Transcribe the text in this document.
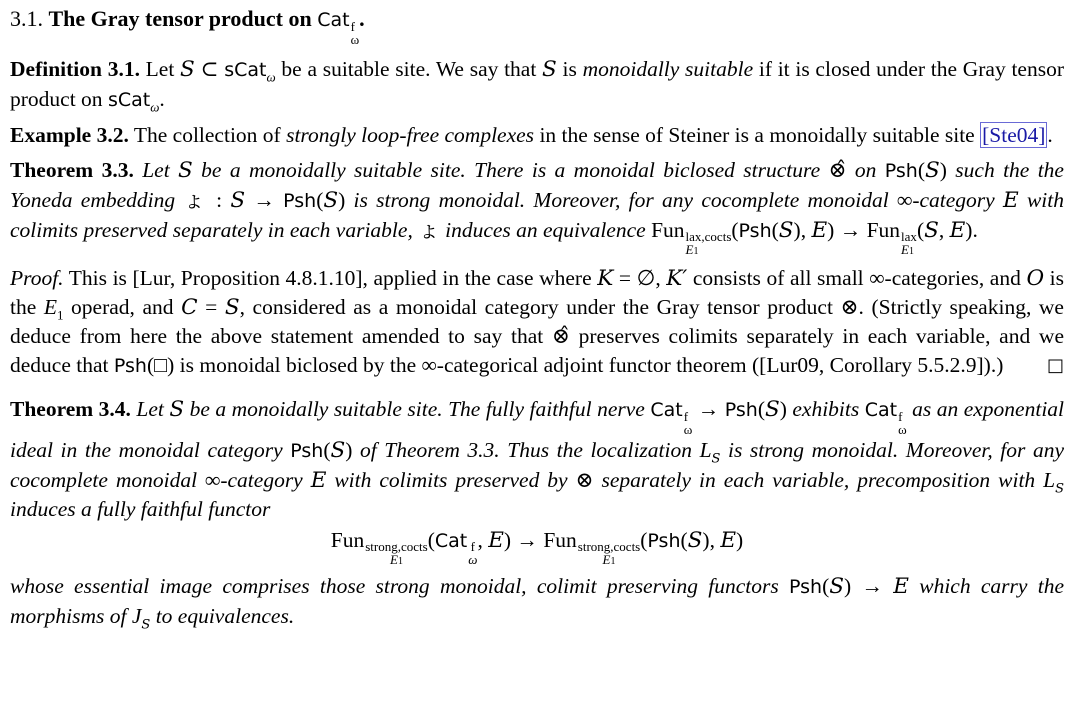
3.1. The Gray tensor product on Cat f
ω
.
Definition 3.1. Let S ⊂ sCat$_\omega$ be a suitable site. We say that S is monoidally suitable if it is closed under the Gray tensor product on sCat$_\omega$.
Example 3.2. The collection of strongly loop-free complexes in the sense of Steiner is a monoidally suitable site [Ste04].
Theorem 3.3. Let S be a monoidally suitable site. There is a monoidal biclosed structure ⊗̂ on Psh(S) such the the Yoneda embedding ょ : S → Psh(S) is strong monoidal. Moreover, for any cocomplete monoidal ∞-category E with colimits preserved separately in each variable, ょ induces an equivalence Fun lax,cocts
E1
(Psh(S), E) → Fun lax
E1
(S, E).
Proof. This is [Lur, Proposition 4.8.1.10], applied in the case where K = ∅, K′ consists of all small ∞-categories, and O is the $E_1$ operad, and C = S, considered as a monoidal category under the Gray tensor product ⊗. (Strictly speaking, we deduce from here the above statement amended to say that ⊗̂ preserves colimits separately in each variable, and we deduce that Psh(□) is monoidal biclosed by the ∞-categorical adjoint functor theorem ([Lur09, Corollary 5.5.2.9]).) □
Theorem 3.4. Let S be a monoidally suitable site. The fully faithful nerve Cat f
ω
→ Psh(S) exhibits Cat f
ω
as an exponential ideal in the monoidal category Psh(S) of Theorem 3.3. Thus the localization $L_S$ is strong monoidal. Moreover, for any cocomplete monoidal ∞-category E with colimits preserved by ⊗ separately in each variable, precomposition with $L_S$ induces a fully faithful functor
Fun strong,cocts
E1
(Cat f
ω
, E) → Fun strong,cocts
E1
(Psh(S), E)
whose essential image comprises those strong monoidal, colimit preserving functors Psh(S) → E which carry the morphisms of $J_S$ to equivalences.
